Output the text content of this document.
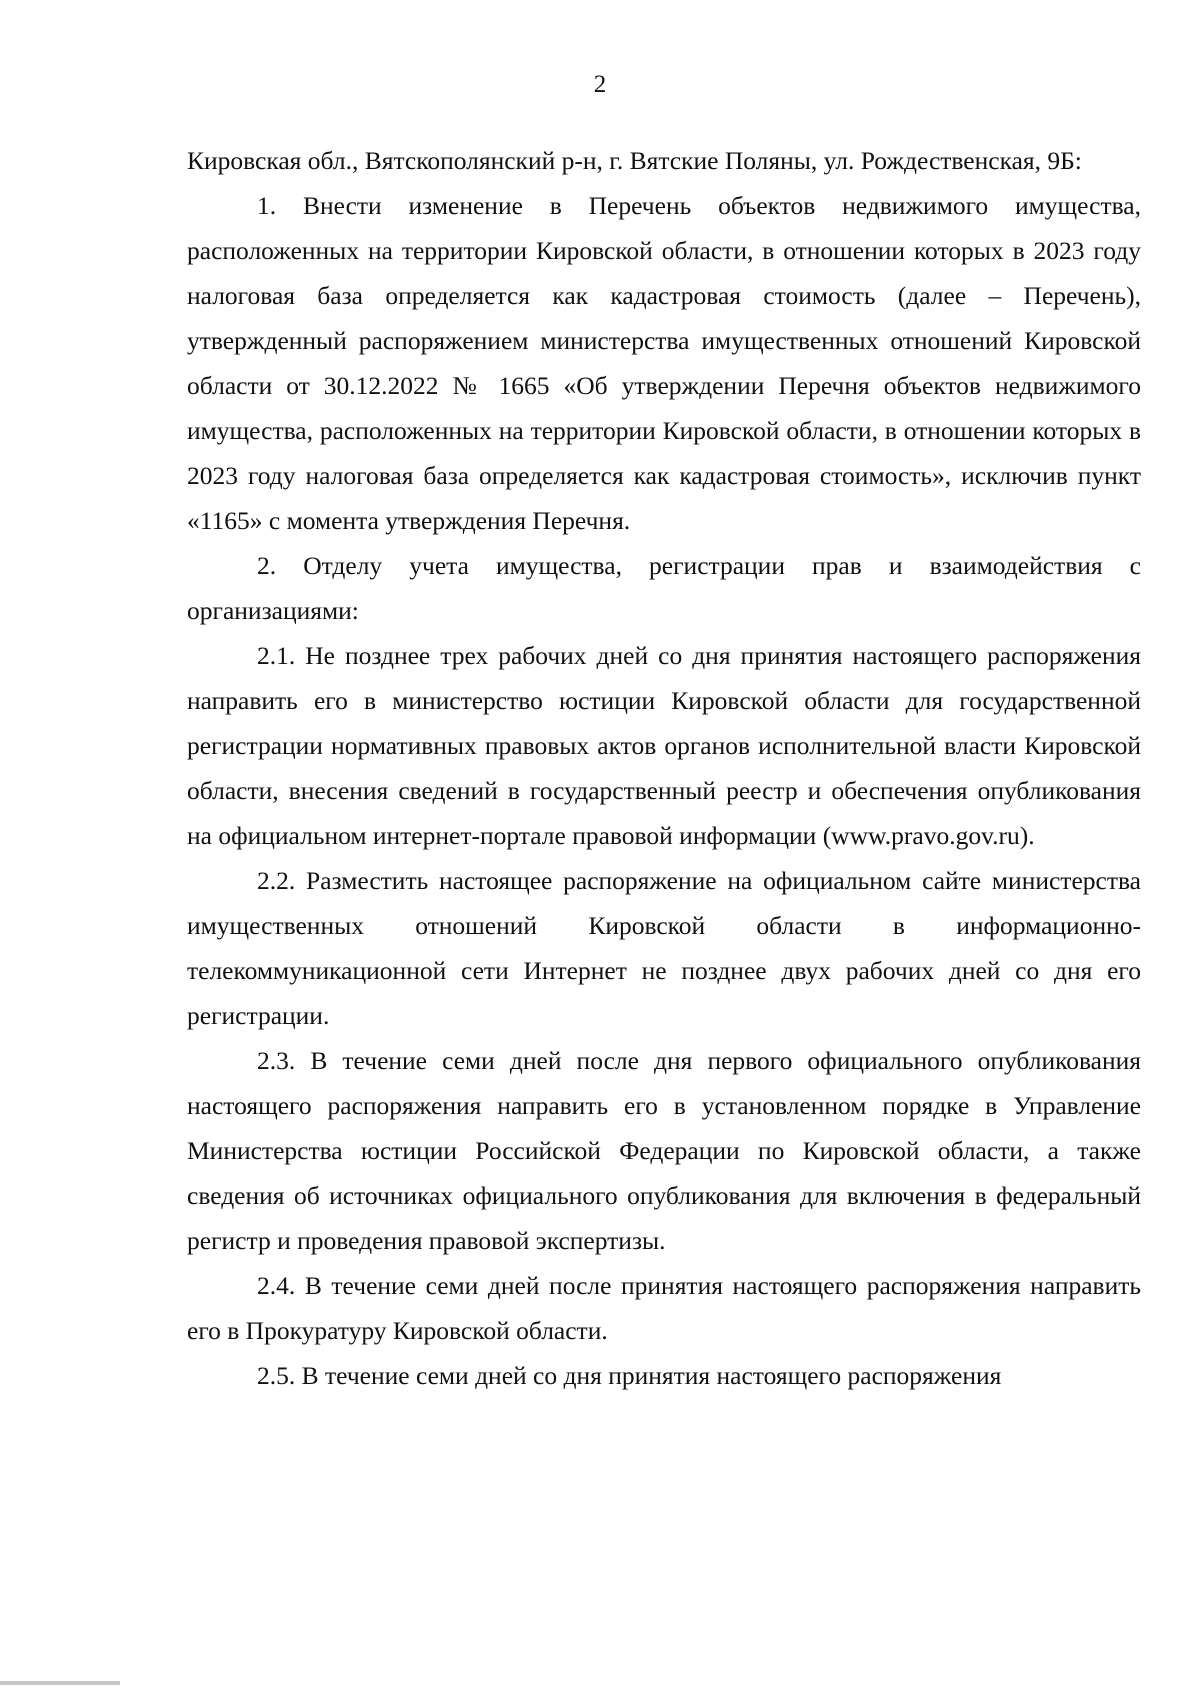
2

Кировская обл., Вятскополянский р-н, г. Вятские Поляны, ул. Рождественская, 9Б:

1. Внести изменение в Перечень объектов недвижимого имущества, расположенных на территории Кировской области, в отношении которых в 2023 году налоговая база определяется как кадастровая стоимость (далее – Перечень), утвержденный распоряжением министерства имущественных отношений Кировской области от 30.12.2022 № 1665 «Об утверждении Перечня объектов недвижимого имущества, расположенных на территории Кировской области, в отношении которых в 2023 году налоговая база определяется как кадастровая стоимость», исключив пункт «1165» с момента утверждения Перечня.

2. Отделу учета имущества, регистрации прав и взаимодействия с организациями:

2.1. Не позднее трех рабочих дней со дня принятия настоящего распоряжения направить его в министерство юстиции Кировской области для государственной регистрации нормативных правовых актов органов исполнительной власти Кировской области, внесения сведений в государственный реестр и обеспечения опубликования на официальном интернет-портале правовой информации (www.pravo.gov.ru).

2.2. Разместить настоящее распоряжение на официальном сайте министерства имущественных отношений Кировской области в информационно-телекоммуникационной сети Интернет не позднее двух рабочих дней со дня его регистрации.

2.3. В течение семи дней после дня первого официального опубликования настоящего распоряжения направить его в установленном порядке в Управление Министерства юстиции Российской Федерации по Кировской области, а также сведения об источниках официального опубликования для включения в федеральный регистр и проведения правовой экспертизы.

2.4. В течение семи дней после принятия настоящего распоряжения направить его в Прокуратуру Кировской области.

2.5. В течение семи дней со дня принятия настоящего распоряжения
